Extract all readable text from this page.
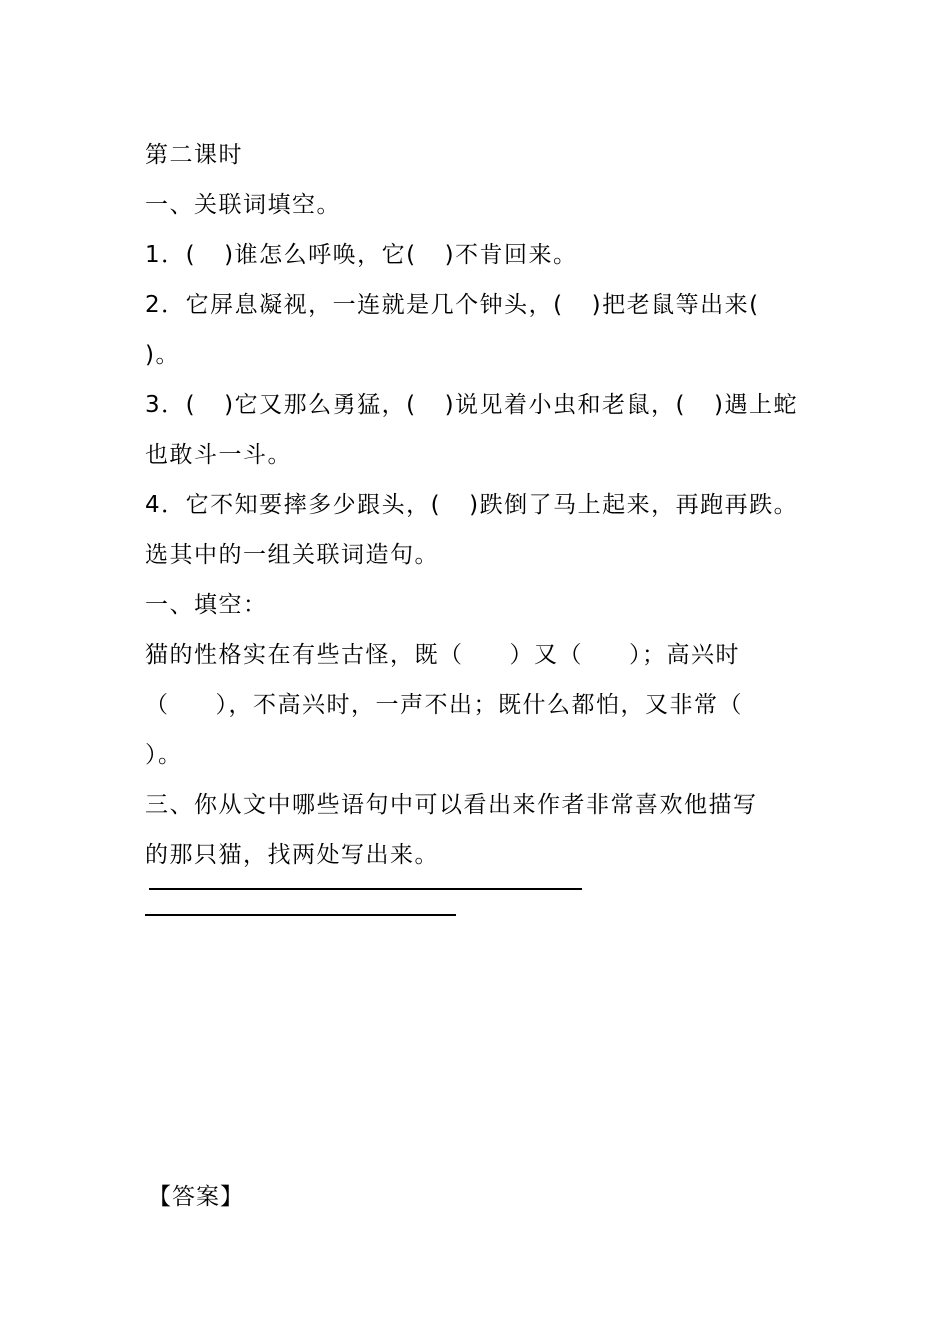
第二课时
一、关联词填空。
1．( )谁怎么呼唤，它( )不肯回来。
2．它屏息凝视，一连就是几个钟头，( )把老鼠等出来(
)。
3．( )它又那么勇猛，( )说见着小虫和老鼠，( )遇上蛇
也敢斗一斗。
4．它不知要摔多少跟头，( )跌倒了马上起来，再跑再跌。
选其中的一组关联词造句。
一、填空：
猫的性格实在有些古怪，既（ ）又（ ）；高兴时
（ ），不高兴时，一声不出；既什么都怕，又非常（
）。
三、你从文中哪些语句中可以看出来作者非常喜欢他描写
的那只猫，找两处写出来。
【答案】
